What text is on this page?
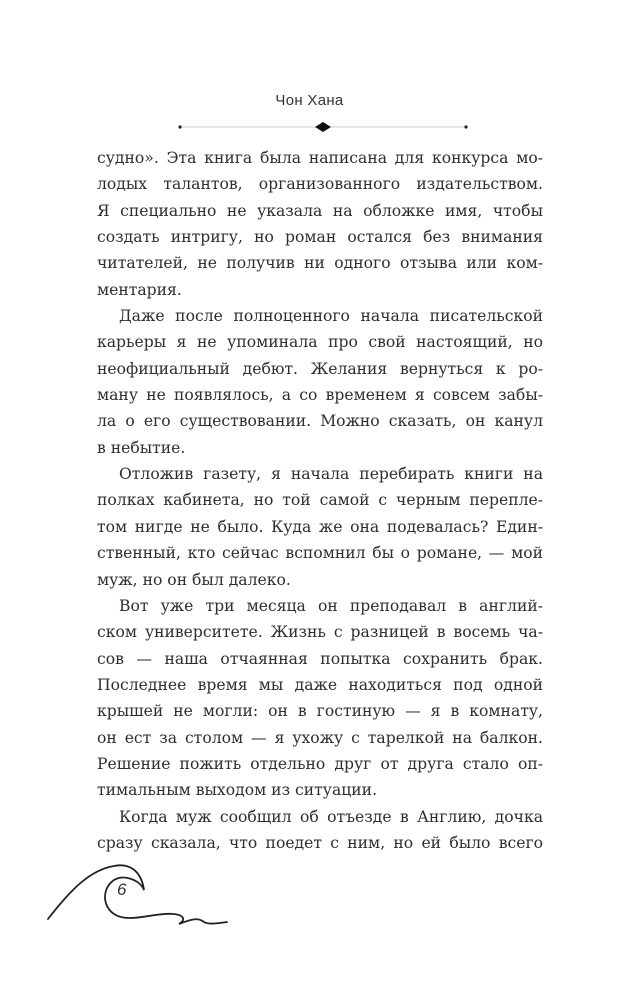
Чон Хана
судно». Эта книга была написана для конкурса мо-
лодых талантов, организованного издательством.
Я специально не указала на обложке имя, чтобы
создать интригу, но роман остался без внимания
читателей, не получив ни одного отзыва или ком-
ментария.
Даже после полноценного начала писательской
карьеры я не упоминала про свой настоящий, но
неофициальный дебют. Желания вернуться к ро-
ману не появлялось, а со временем я совсем забы-
ла о его существовании. Можно сказать, он канул
в небытие.
Отложив газету, я начала перебирать книги на
полках кабинета, но той самой с черным переплe-
том нигде не было. Куда же она подевалась? Един-
ственный, кто сейчас вспомнил бы о романе, — мой
муж, но он был далеко.
Вот уже три месяца он преподавал в англий-
ском университете. Жизнь с разницей в восемь ча-
сов — наша отчаянная попытка сохранить брак.
Последнее время мы даже находиться под одной
крышей не могли: он в гостиную — я в комнату,
он ест за столом — я ухожу с тарелкой на балкон.
Решение пожить отдельно друг от друга стало оп-
тимальным выходом из ситуации.
Когда муж сообщил об отъезде в Англию, дочка
сразу сказала, что поедет с ним, но ей было всего
6
